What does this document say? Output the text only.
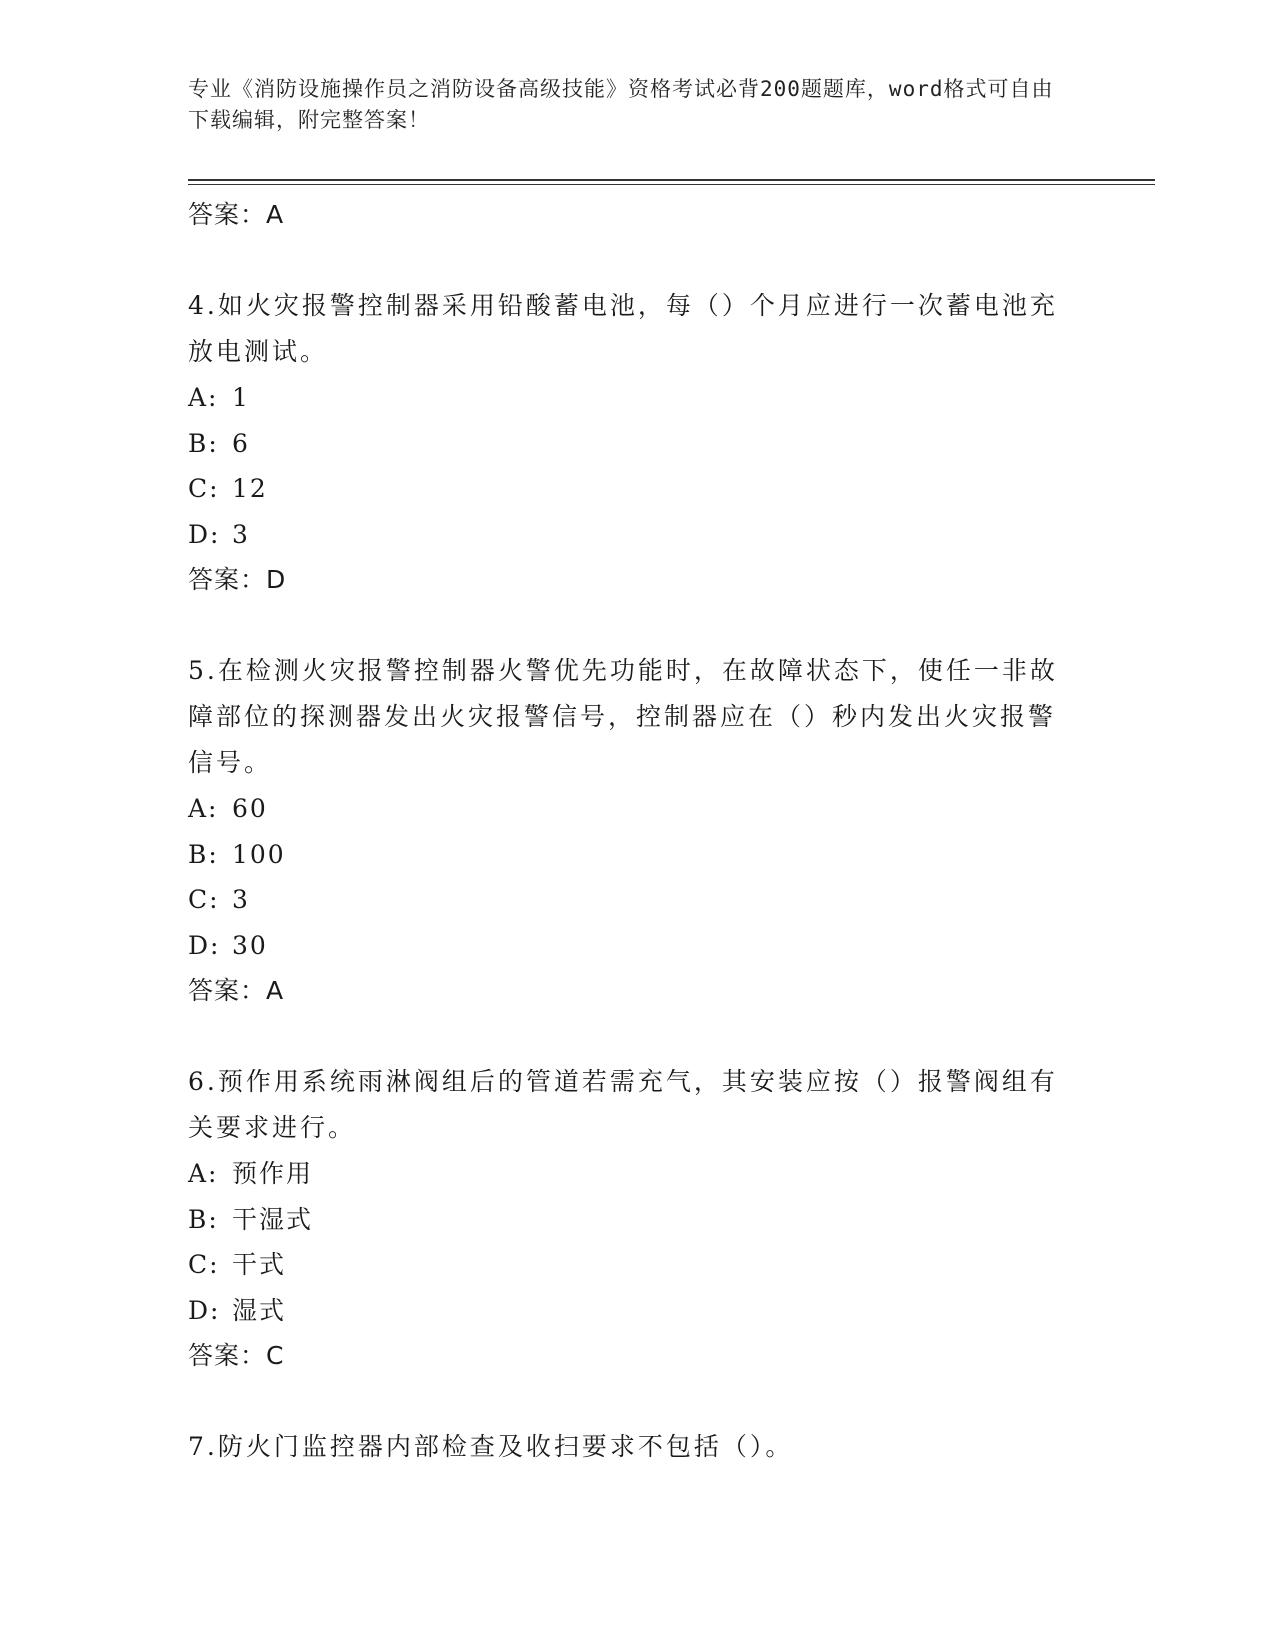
专业《消防设施操作员之消防设备高级技能》资格考试必背200题题库，word格式可自由下载编辑，附完整答案！
答案：A
4.如火灾报警控制器采用铅酸蓄电池，每（）个月应进行一次蓄电池充放电测试。
A: 1
B: 6
C: 12
D: 3
答案：D
5.在检测火灾报警控制器火警优先功能时，在故障状态下，使任一非故障部位的探测器发出火灾报警信号，控制器应在（）秒内发出火灾报警信号。
A: 60
B: 100
C: 3
D: 30
答案：A
6.预作用系统雨淋阀组后的管道若需充气，其安装应按（）报警阀组有关要求进行。
A: 预作用
B: 干湿式
C: 干式
D: 湿式
答案：C
7.防火门监控器内部检查及收扫要求不包括（）。
